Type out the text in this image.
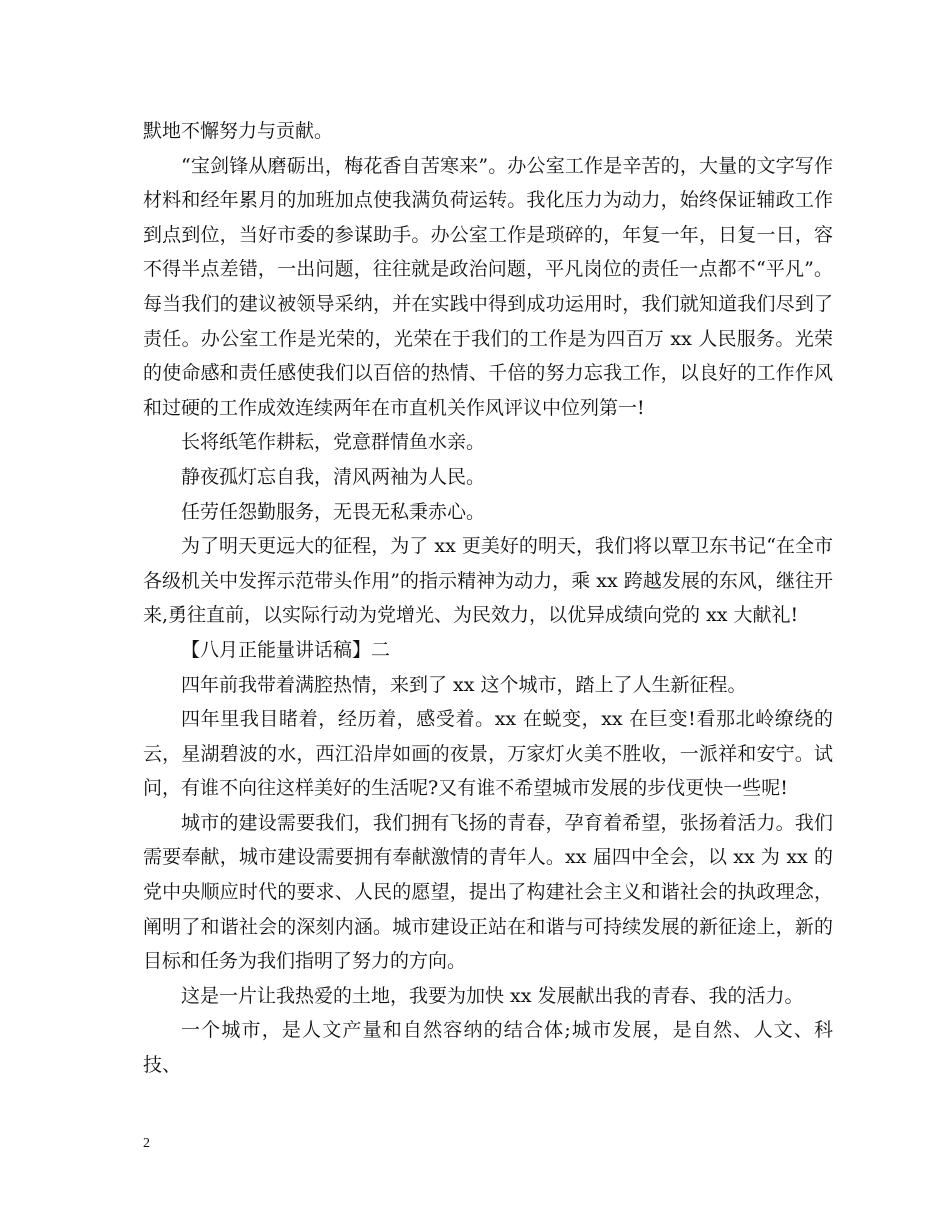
默地不懈努力与贡献。

“宝剑锋从磨砺出，梅花香自苦寒来”。办公室工作是辛苦的，大量的文字写作材料和经年累月的加班加点使我满负荷运转。我化压力为动力，始终保证辅政工作到点到位，当好市委的参谋助手。办公室工作是琐碎的，年复一年，日复一日，容不得半点差错，一出问题，往往就是政治问题，平凡岗位的责任一点都不“平凡”。每当我们的建议被领导采纳，并在实践中得到成功运用时，我们就知道我们尽到了责任。办公室工作是光荣的，光荣在于我们的工作是为四百万 xx 人民服务。光荣的使命感和责任感使我们以百倍的热情、千倍的努力忘我工作，以良好的工作作风和过硬的工作成效连续两年在市直机关作风评议中位列第一!

长将纸笔作耕耘，党意群情鱼水亲。

静夜孤灯忘自我，清风两袖为人民。

任劳任怨勤服务，无畏无私秉赤心。

为了明天更远大的征程，为了 xx 更美好的明天，我们将以覃卫东书记“在全市各级机关中发挥示范带头作用”的指示精神为动力，乘 xx 跨越发展的东风，继往开来,勇往直前，以实际行动为党增光、为民效力，以优异成绩向党的 xx 大献礼!

【八月正能量讲话稿】二

四年前我带着满腔热情，来到了 xx 这个城市，踏上了人生新征程。

四年里我目睹着，经历着，感受着。xx 在蜕变，xx 在巨变!看那北岭缭绕的云，星湖碧波的水，西江沿岸如画的夜景，万家灯火美不胜收，一派祥和安宁。试问，有谁不向往这样美好的生活呢?又有谁不希望城市发展的步伐更快一些呢!

城市的建设需要我们，我们拥有飞扬的青春，孕育着希望，张扬着活力。我们需要奉献，城市建设需要拥有奉献激情的青年人。xx 届四中全会，以 xx 为 xx 的党中央顺应时代的要求、人民的愿望，提出了构建社会主义和谐社会的执政理念，阐明了和谐社会的深刻内涵。城市建设正站在和谐与可持续发展的新征途上，新的目标和任务为我们指明了努力的方向。

这是一片让我热爱的土地，我要为加快 xx 发展献出我的青春、我的活力。

一个城市，是人文产量和自然容纳的结合体;城市发展，是自然、人文、科技、

2
